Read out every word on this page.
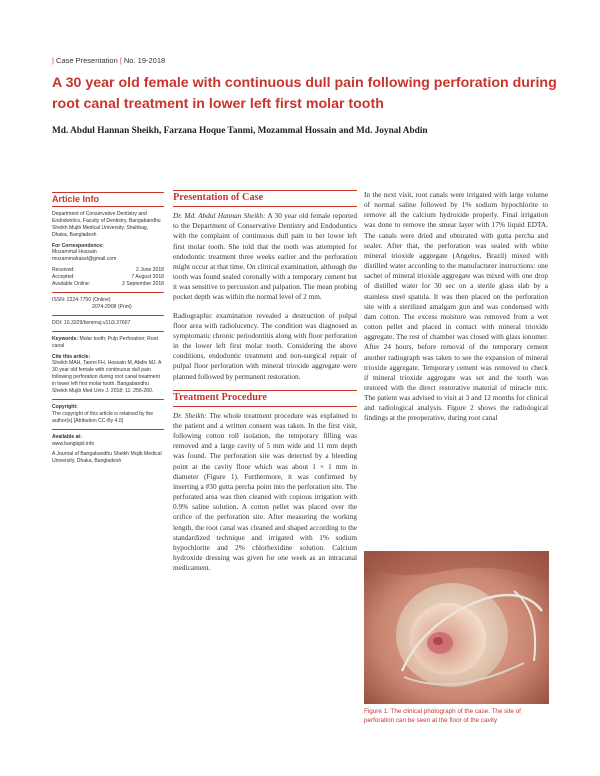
| Case Presentation | No. 19-2018
A 30 year old female with continuous dull pain following perforation during root canal treatment in lower left first molar tooth
Md. Abdul Hannan Sheikh, Farzana Hoque Tanmi, Mozammal Hossain and Md. Joynal Abdin
Article Info

Department of Conservative Dentistry and Endodontics, Faculty of Dentistry, Bangabandhu Sheikh Mujib Medical University, Shahbag, Dhaka, Bangladesh

For Correspondence:
Mozammal Hossain
mozammalrasel@gmail.com

Received:	2 June 2018
Accepted:	7 August 2018
Available Online:	2 September 2018

ISSN: 2224-7750 (Online)
2074-2908 (Print)

DOI: 10.3329/bsmmuj.v11i3.37607

Keywords: Molar tooth; Pulp Perforation; Root canal

Cite this article:
Sheikh MAH, Tanmi FH, Hossain M, Abdin MJ. A 30 year old female with continuous dull pain following perforation during root canal treatment in lower left first molar tooth. Bangabandhu Sheikh Mujib Med Univ J. 2018; 11: 256-260.

Copyright:
The copyright of this article is retained by the author(s) [Atribution CC-By 4.0]

Available at:
www.banglajol.info

A Journal of Bangabandhu Sheikh Mujib Medical University, Dhaka, Bangladesh

Presentation of Case

Dr. Md. Abdul Hannan Sheikh: A 30 year old female reported to the Department of Conservative Dentistry and Endodontics with the complaint of continuous dull pain in her lower left first molar tooth. She told that the tooth was attempted for endodontic treatment three weeks earlier and the perforation might occur at that time. On clinical examination, although the tooth was found sealed coronally with a temporary cement but it was sensitive to percussion and palpation. The mean probing pocket depth was within the normal level of 2 mm.

Radiographic examination revealed a destruction of pulpal floor area with radiolucency. The condition was diagnosed as symptomatic chronic periodontitis along with floor perforation in the lower left first molar tooth. Considering the above conditions, endodontic treatment and non-surgical repair of pulpal floor perforation with mineral trioxide aggregate were planned followed by permanent restoration.

Treatment Procedure

Dr. Sheikh: The whole treatment procedure was explained to the patient and a written consent was taken. In the first visit, following cotton roll isolation, the temporary filling was removed and a large cavity of 5 mm wide and 11 mm depth was found. The perforation site was detected by a bleeding point at the cavity floor which was about 1 × 1 mm in diameter (Figure 1). Furthermore, it was confirmed by inserting a #30 gutta percha point into the perforation site. The perforated area was then cleaned with copious irrigation with 0.9% saline solution. A cotton pellet was placed over the orifice of the perforation site. After measuring the working length, the root canal was cleaned and shaped according to the standardized technique and irrigated with 1% sodium hypochlorite and 2% chlorhexidine solution. Calcium hydroxide dressing was given for one week as an intracanal medicament.

In the next visit, root canals were irrigated with large volume of normal saline followed by 1% sodium hypochlorite to remove all the calcium hydroxide properly. Final irrigation was done to remove the smear layer with 17% liquid EDTA. The canals were dried and obturated with gutta percha and sealer. After that, the perforation was sealed with white mineral trioxide aggregate (Angelus, Brazil) mixed with distilled water according to the manufacturer instructions: one sachet of mineral trioxide aggregate was mixed with one drop of distilled water for 30 sec on a sterile glass slab by a stainless steel spatula. It was then placed on the perforation site with a sterilized amalgam gun and was condensed with dam cotton. The excess moisture was removed from a wet cotton pellet and placed in contact with mineral trioxide aggregate. The rest of chamber was closed with glass ionomer. After 24 hours, before removal of the temporary cement another radiograph was taken to see the expansion of mineral trioxide aggregate. Temporary cement was removed to check if mineral trioxide aggregate was set and the tooth was restored with the direct restorative material of miracle mix. The patient was advised to visit at 3 and 12 months for clinical and radiological analysis. Figure 2 shows the radiological findings at the preoperative, during root canal

Figure 1: The clinical photograph of the case. The site of perforation can be seen at the floor of the cavity
